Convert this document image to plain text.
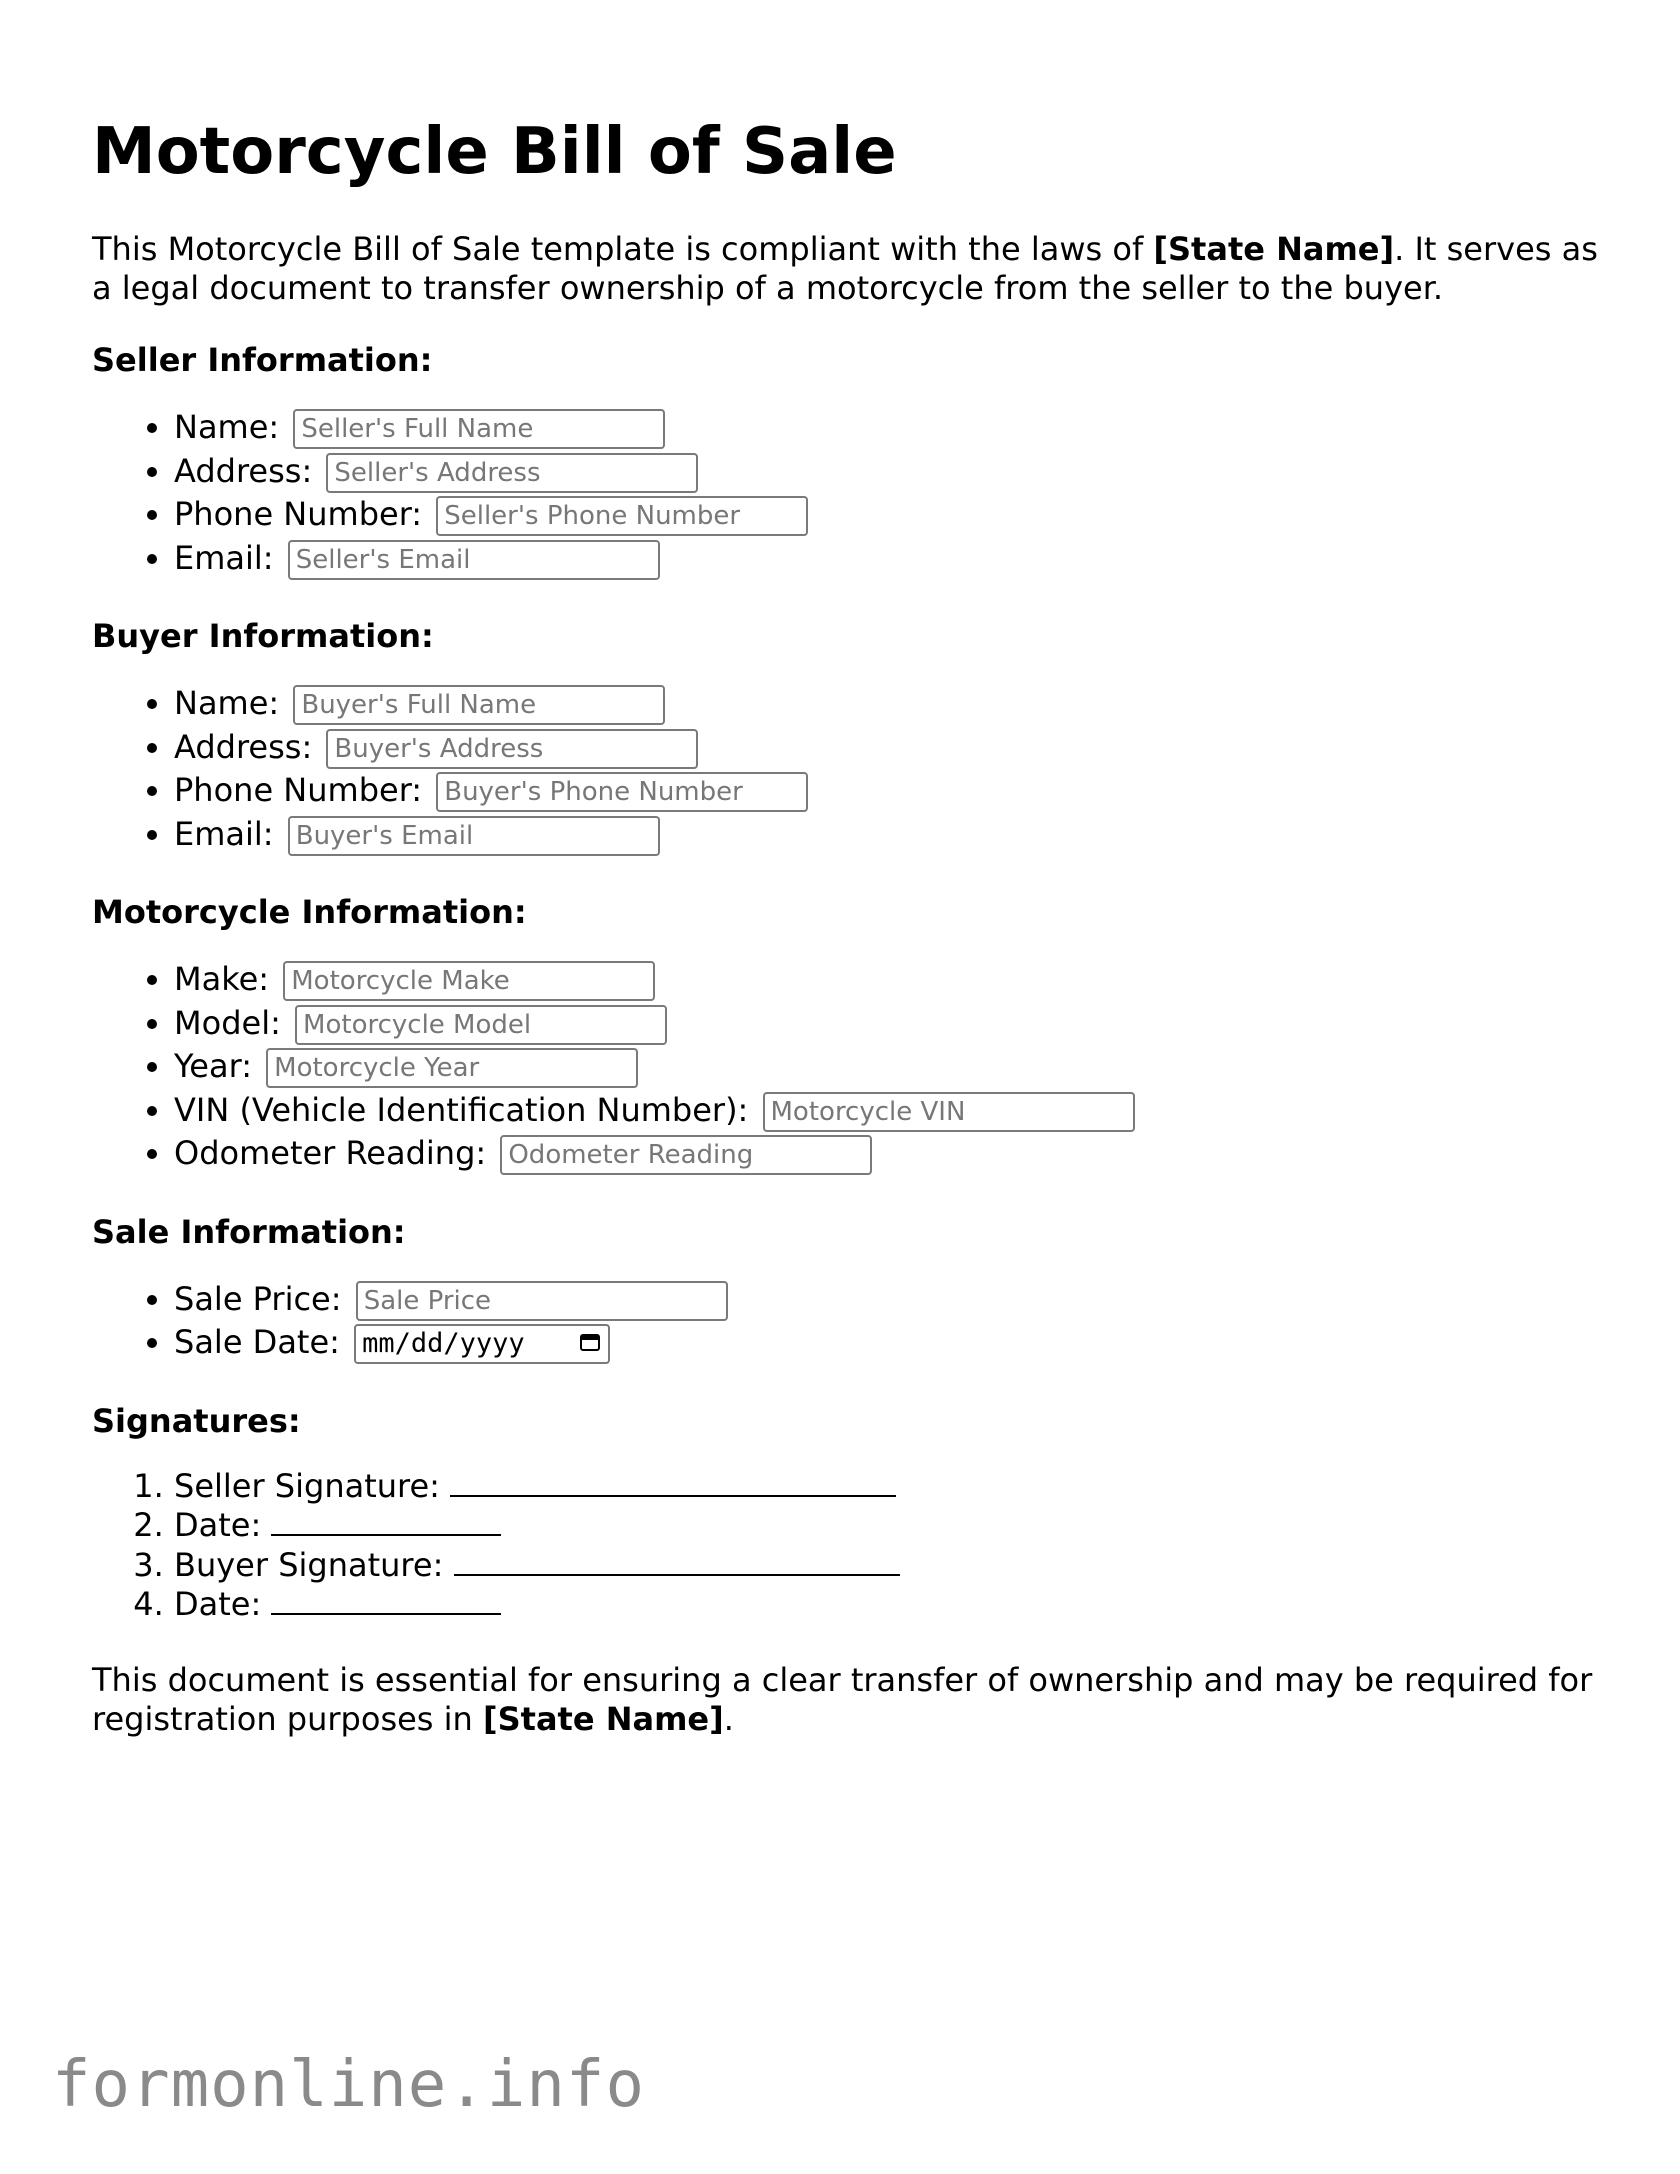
Motorcycle Bill of Sale

This Motorcycle Bill of Sale template is compliant with the laws of [State Name]. It serves as a legal document to transfer ownership of a motorcycle from the seller to the buyer.

Seller Information:
• Name: Seller's Full Name
• Address: Seller's Address
• Phone Number: Seller's Phone Number
• Email: Seller's Email
Buyer Information:
• Name: Buyer's Full Name
• Address: Buyer's Address
• Phone Number: Buyer's Phone Number
• Email: Buyer's Email
Motorcycle Information:
• Make: Motorcycle Make
• Model: Motorcycle Model
• Year: Motorcycle Year
• VIN (Vehicle Identification Number): Motorcycle VIN
• Odometer Reading: Odometer Reading
Sale Information:
• Sale Price: Sale Price
• Sale Date: mm/dd/yyyy
Signatures:
1. Seller Signature:
2. Date:
3. Buyer Signature:
4. Date:

This document is essential for ensuring a clear transfer of ownership and may be required for registration purposes in [State Name].

formonline.info
